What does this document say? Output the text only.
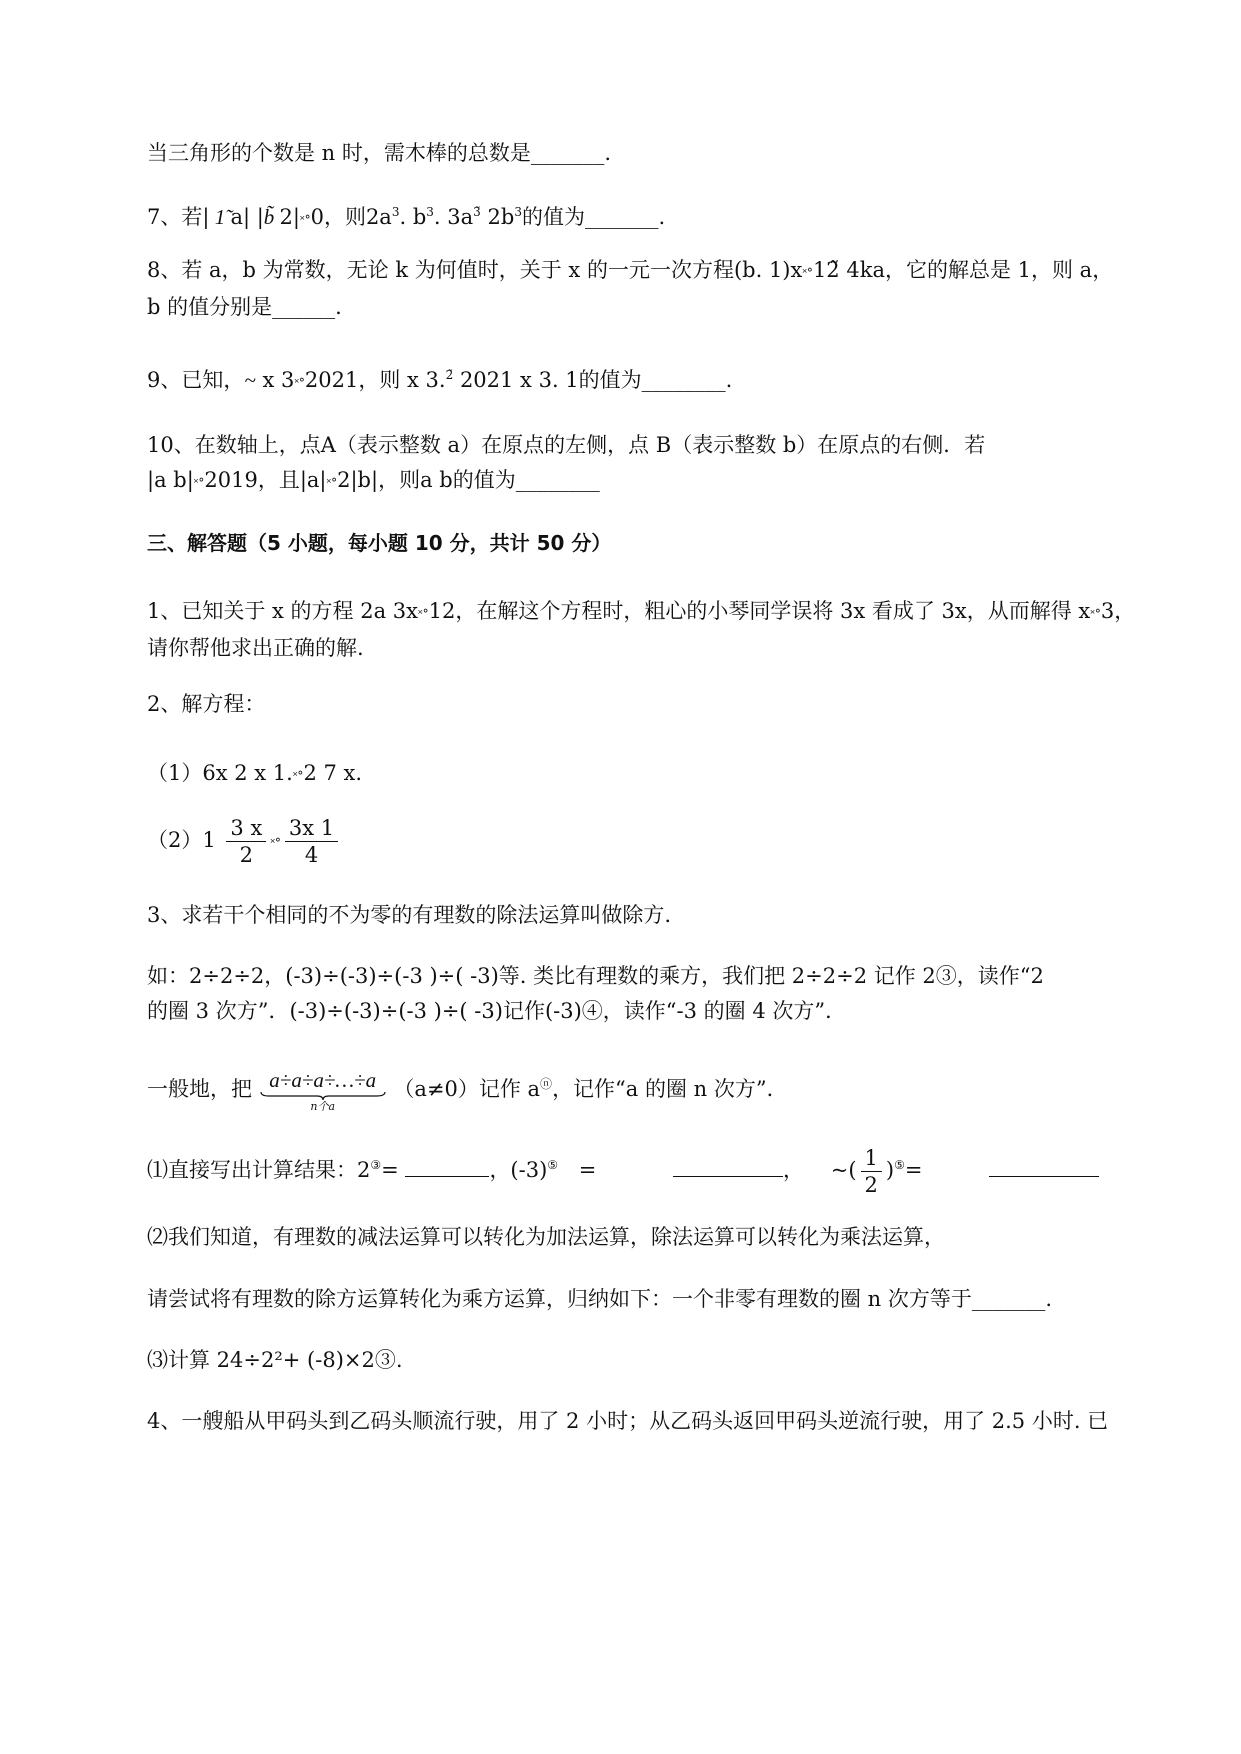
当三角形的个数是 n 时，需木棒的总数是_______.
7、若| 1̃ a| |b̃ 2|˟°0，则$2a^3$. $b^3$. $3a^{3̃}$ $2b^3$的值为_______.
8、若 a，b 为常数，无论 k 为何值时，关于 x 的一元一次方程(b. 1)x˟°12̃ 4ka，它的解总是 1，则 a，
b 的值分别是______.
9、已知，~ x 3˟°2021，则 x 3.$^{2̃}$ 2021 x 3. 1的值为________.
10、在数轴上，点A（表示整数 a）在原点的左侧，点 B（表示整数 b）在原点的右侧．若
|a b|˟°2019，且|a|˟°2|b|，则a b的值为________
三、解答题（5 小题，每小题 10 分，共计 50 分）
1、已知关于 x 的方程 2a 3x˟°12，在解这个方程时，粗心的小琴同学误将 3x 看成了 3x，从而解得 x˟°3，
请你帮他求出正确的解.
2、解方程：
（1）6x 2 x 1.˟°2 7 x.
$(2)1 \frac{3 x}{2}$ ˟° $\frac{3x 1}{4}$
3、求若干个相同的不为零的有理数的除法运算叫做除方.
如：2÷2÷2，(-3)÷(-3)÷(-3 )÷( -3)等. 类比有理数的乘方，我们把 2÷2÷2 记作 2③，读作“2
的圈 3 次方”．(-3)÷(-3)÷(-3 )÷( -3)记作(-3)④，读作“-3 的圈 4 次方”．
一般地，把 a÷a÷a÷…÷a
n个a
（a≠0）记作 aⓝ，记作“a 的圈 n 次方”．
⑴直接写出计算结果：2③=	，(-3)⑤ =	， ~( $\frac{1}{2} )^⑤=$
⑵我们知道，有理数的减法运算可以转化为加法运算，除法运算可以转化为乘法运算，
请尝试将有理数的除方运算转化为乘方运算，归纳如下：一个非零有理数的圈 n 次方等于_______.
⑶计算 24÷2²+ (-8)×2③.
4、一艘船从甲码头到乙码头顺流行驶，用了 2 小时；从乙码头返回甲码头逆流行驶，用了 2.5 小时. 已
